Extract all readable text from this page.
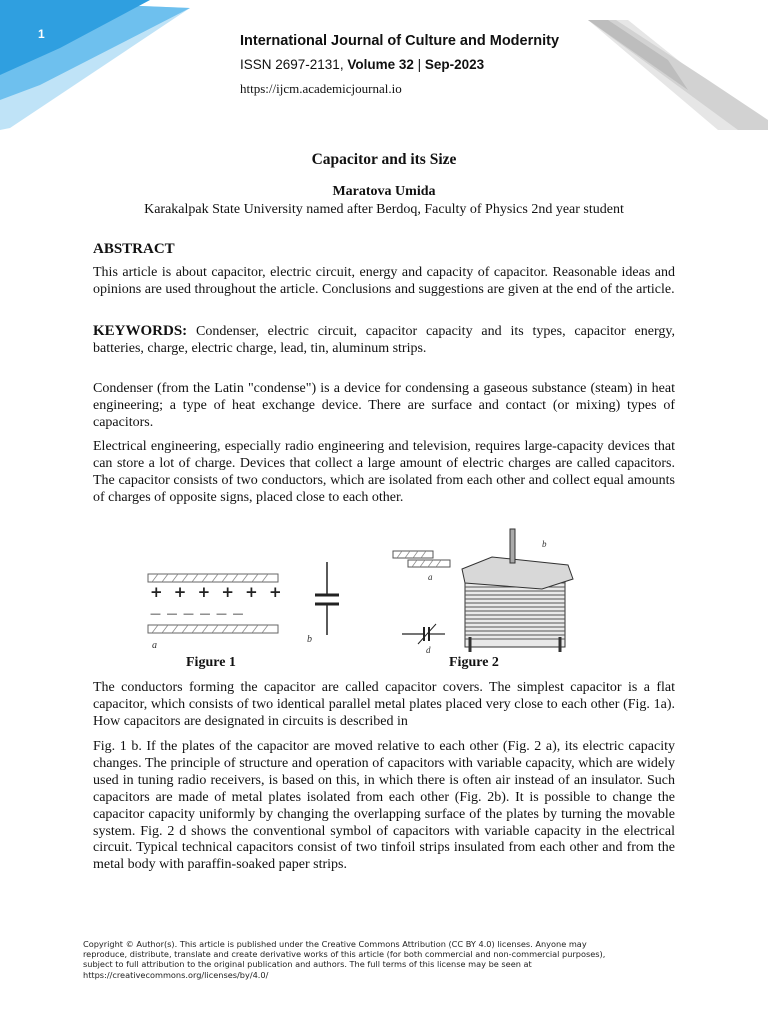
1	International Journal of Culture and Modernity
ISSN 2697-2131, Volume 32 | Sep-2023
https://ijcm.academicjournal.io
Capacitor and its Size
Maratova Umida
Karakalpak State University named after Berdoq, Faculty of Physics 2nd year student
ABSTRACT
This article is about capacitor, electric circuit, energy and capacity of capacitor. Reasonable ideas and opinions are used throughout the article. Conclusions and suggestions are given at the end of the article.
KEYWORDS: Condenser, electric circuit, capacitor capacity and its types, capacitor energy, batteries, charge, electric charge, lead, tin, aluminum strips.
Condenser (from the Latin "condense") is a device for condensing a gaseous substance (steam) in heat engineering; a type of heat exchange device. There are surface and contact (or mixing) types of capacitors.
Electrical engineering, especially radio engineering and television, requires large-capacity devices that can store a lot of charge. Devices that collect a large amount of electric charges are called capacitors. The capacitor consists of two conductors, which are isolated from each other and collect equal amounts of charges of opposite signs, placed close to each other.
+ + + + + +
— — — — — —
a
b
a
d
b
Figure 1	Figure 2
The conductors forming the capacitor are called capacitor covers. The simplest capacitor is a flat capacitor, which consists of two identical parallel metal plates placed very close to each other (Fig. 1a). How capacitors are designated in circuits is described in
Fig. 1 b. If the plates of the capacitor are moved relative to each other (Fig. 2 a), its electric capacity changes. The principle of structure and operation of capacitors with variable capacity, which are widely used in tuning radio receivers, is based on this, in which there is often air instead of an insulator. Such capacitors are made of metal plates isolated from each other (Fig. 2b). It is possible to change the capacitor capacity uniformly by changing the overlapping surface of the plates by turning the movable system. Fig. 2 d shows the conventional symbol of capacitors with variable capacity in the electrical circuit. Typical technical capacitors consist of two tinfoil strips insulated from each other and from the metal body with paraffin-soaked paper strips.
Copyright © Author(s). This article is published under the Creative Commons Attribution (CC BY 4.0) licenses. Anyone may reproduce, distribute, translate and create derivative works of this article (for both commercial and non-commercial purposes), subject to full attribution to the original publication and authors. The full terms of this license may be seen at https://creativecommons.org/licenses/by/4.0/
